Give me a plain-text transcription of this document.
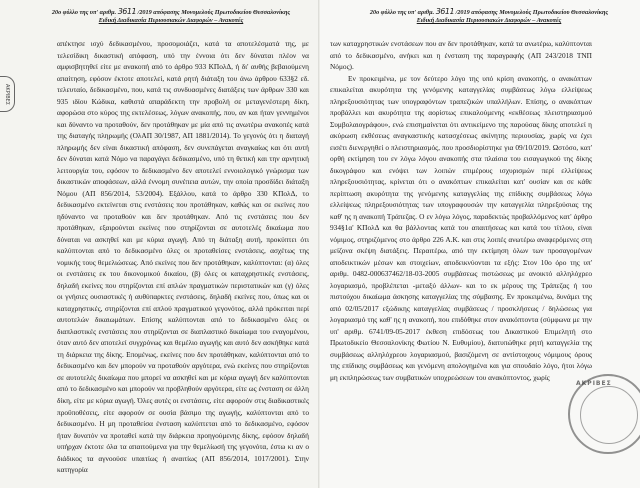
20ο φύλλο της υπ' αριθμ. 3611 /2019 απόφασης Μονομελούς Πρωτοδικείου Θεσσαλονίκης
Ειδική Διαδικασία Περιουσιακών Διαφορών – Ανακοπές
ΑΚΡΙΒΕΣ

απέκτησε ισχύ δεδικασμένου, προσομοιάζει, κατά τα αποτελέσματά της, με τελεσίδικη δικαστική απόφαση, υπό την έννοια ότι δεν δύναται πλέον να αμφισβητηθεί είτε με ανακοπή από το άρθρο 933 ΚΠολΔ, ή δι' αυθής βεβαιούμενη απαίτηση, εφόσον έκτοτε αποτελεί, κατά ρητή διάταξη του άνω άρθρου 633§2 εδ. τελευταίο, δεδικασμένο, που, κατά τις συνδυασμένες διατάξεις των άρθρων 330 και 935 ιδίου Κώδικα, καθιστά απαράδεκτη την προβολή σε μεταγενέστερη δίκη, αφορώσα στο κύρος της εκτελέσεως, λόγων ανακοπής, που, αν και ήταν γεννημένοι και δύναντο να προταθούν, δεν προτάθηκαν με μία από τις ανωτέρω ανακοπές κατά της διαταγής πληρωμής (ΟλΑΠ 30/1987, ΑΠ 1881/2014). Το γεγονός ότι η διαταγή πληρωμής δεν είναι δικαστική απόφαση, δεν συνεπάγεται αναγκαίως και ότι αυτή δεν δύναται κατά Νόμο να παραγάγει δεδικασμένο, υπό τη θετική και την αρνητική λειτουργία του, εφόσον το δεδικασμένο δεν αποτελεί εννοιολογικό γνώρισμα των δικαστικών αποφάσεων, αλλά έννομη συνέπεια αυτών, την οποία προσδίδει διάταξη Νόμου (ΑΠ 856/2014, 53/2004). Εξάλλου, κατά το άρθρο 330 ΚΠολΔ, το δεδικασμένο εκτείνεται στις ενστάσεις που προτάθηκαν, καθώς και σε εκείνες που ηδύναντο να προταθούν και δεν προτάθηκαν. Από τις ενστάσεις που δεν προτάθηκαν, εξαιρούνται εκείνες που στηρίζονται σε αυτοτελές δικαίωμα που δύναται να ασκηθεί και με κύρια αγωγή. Από τη διάταξη αυτή, προκύπτει ότι καλύπτονται από το δεδικασμένο όλες οι προταθείσες ενστάσεις, ασχέτως της νομικής τους θεμελιώσεως. Από εκείνες που δεν προτάθηκαν, καλύπτονται: (α) όλες οι ενστάσεις εκ του δικονομικού δικαίου, (β) όλες οι καταχρηστικές ενστάσεις, δηλαδή εκείνες που στηρίζονται επί απλών πραγματικών περιστατικών και (γ) όλες οι γνήσιες ουσιαστικές ή αυθύπαρκτες ενστάσεις, δηλαδή εκείνες που, όπως και οι καταχρηστικές, στηρίζονται επί απλού πραγματικού γεγονότος, αλλά πρόκειται περί αυτοτελών δικαιωμάτων. Επίσης καλύπτονται από το δεδικασμένο όλες οι διαπλαστικές ενστάσεις που στηρίζονται σε διαπλαστικό δικαίωμα του εναγομένου, όταν αυτό δεν αποτελεί συγχρόνως και θεμέλιο αγωγής και αυτό δεν ασκήθηκε κατά τη διάρκεια της δίκης. Επομένως, εκείνες που δεν προτάθηκαν, καλύπτονται από το δεδικασμένο και δεν μπορούν να προταθούν αργότερα, ενώ εκείνες που στηρίζονται σε αυτοτελές δικαίωμα που μπορεί να ασκηθεί και με κύρια αγωγή δεν καλύπτονται από το δεδικασμένο και μπορούν να προβληθούν αργότερα, είτε ως ένσταση σε άλλη δίκη, είτε με κύρια αγωγή. Όλες αυτές οι ενστάσεις, είτε αφορούν στις διαδικαστικές προϋποθέσεις, είτε αφορούν σε ουσία βάσιμο της αγωγής, καλύπτονται από το δεδικασμένο. Η μη προταθείσα ένσταση καλύπτεται από το δεδικασμένο, εφόσον ήταν δυνατόν να προταθεί κατά την διάρκεια προηγούμενης δίκης, εφόσον δηλαδή υπήρχαν έκτοτε όλα τα απαιτούμενα για την θεμελίωσή της γεγονότα, έστω κι αν ο διάδικος τα αγνοούσε υπαιτίως ή αναιτίως (ΑΠ 856/2014, 1017/2001). Στην κατηγορία

20ο φύλλο της υπ' αριθμ. 3611 /2019 απόφασης Μονομελούς Πρωτοδικείου Θεσσαλονίκης
Ειδική Διαδικασία Περιουσιακών Διαφορών – Ανακοπές

των καταχρηστικών ενστάσεων που αν δεν προτάθηκαν, κατά τα ανωτέρω, καλύπτονται από το δεδικασμένο, ανήκει και η ένσταση της παραγραφής (ΑΠ 243/2018 ΤΝΠ Νόμος).

Εν προκειμένω, με τον δεύτερο λόγο της υπό κρίση ανακοπής, ο ανακόπτων επικαλείται ακυρότητα της γενόμενης καταγγελίας συμβάσεως λόγω ελλείψεως πληρεξουσιότητας των υπογραφόντων τραπεζικών υπαλλήλων. Επίσης, ο ανακόπτων προβάλλει και ακυρότητα της αορίστως επικαλούμενης «εκθέσεως πλειστηριασμού Συμβολαιογράφου», ενώ επισημαίνεται ότι αντικείμενο της παρούσας δίκης αποτελεί η ακύρωση εκθέσεως αναγκαστικής κατασχέσεως ακίνητης περιουσίας, χωρίς να έχει εισέτι διενεργηθεί ο πλειστηριασμός, που προσδιορίστηκε για 09/10/2019. Ωστόσο, κατ' ορθή εκτίμηση του εν λόγω λόγου ανακοπής στα πλαίσια του εισαγωγικού της δίκης δικογράφου και ενόψει των λοιπών επιμέρους ισχυρισμών περί ελλείψεως πληρεξουσιότητας, κρίνεται ότι ο ανακόπτων επικαλείται κατ' ουσίαν και σε κάθε περίπτωση ακυρότητα της γενόμενης καταγγελίας της επίδικης συμβάσεως λόγω ελλείψεως πληρεξουσιότητας των υπογραφουσών την καταγγελία πληρεξούσιας της καθ' ης η ανακοπή Τράπεζας. Ο εν λόγω λόγος, παραδεκτώς προβαλλόμενος κατ' άρθρο 934§1α' ΚΠολΔ και θα βάλλοντας κατά του απαιτήσεως και κατά του τίτλου, είναι νόμιμος, στηριζόμενος στο άρθρο 226 Α.Κ. και στις λοιπές ανωτέρω αναφερόμενες στη μείζονα σκέψη διατάξεις. Περαιτέρω, από την εκτίμηση όλων των προσαγομένων αποδεικτικών μέσων και στοιχείων, αποδεικνύονται τα εξής: Στον 10ο όρο της υπ' αριθμ. 0482-000637462/18-03-2005 συμβάσεως πιστώσεως με ανοικτό αλληλόχρεο λογαριασμό, προβλέπεται -μεταξύ άλλων- και το εκ μέρους της Τράπεζας ή του πιστούχου δικαίωμα άσκησης καταγγελίας της σύμβασης. Εν προκειμένω, δυνάμει της από 02/05/2017 εξώδικης καταγγελίας συμβάσεως / προσκλήσεως / δηλώσεως για λογαριασμό της καθ' ης η ανακοπή, που επιδόθηκε στον ανακόπτοντα (σύμφωνα με την υπ' αριθμ. 6741/09-05-2017 έκθεση επιδόσεως του Δικαστικού Επιμελητή στο Πρωτοδικείο Θεσσαλονίκης Φωτίου Ν. Ευθυμίου), διατυπώθηκε ρητή καταγγελία της συμβάσεως αλληλόχρεου λογαριασμού, βασιζόμενη σε αντίστοιχους νόμιμους όρους της επίδικης συμβάσεως και γενόμενη απολογημένα και για σπουδαίο λόγο, ήτοι λόγω μη εκπληρώσεως των συμβατικών υποχρεώσεων του ανακόπτοντος, χωρίς

ΑΚΡΙΒΕΣ
